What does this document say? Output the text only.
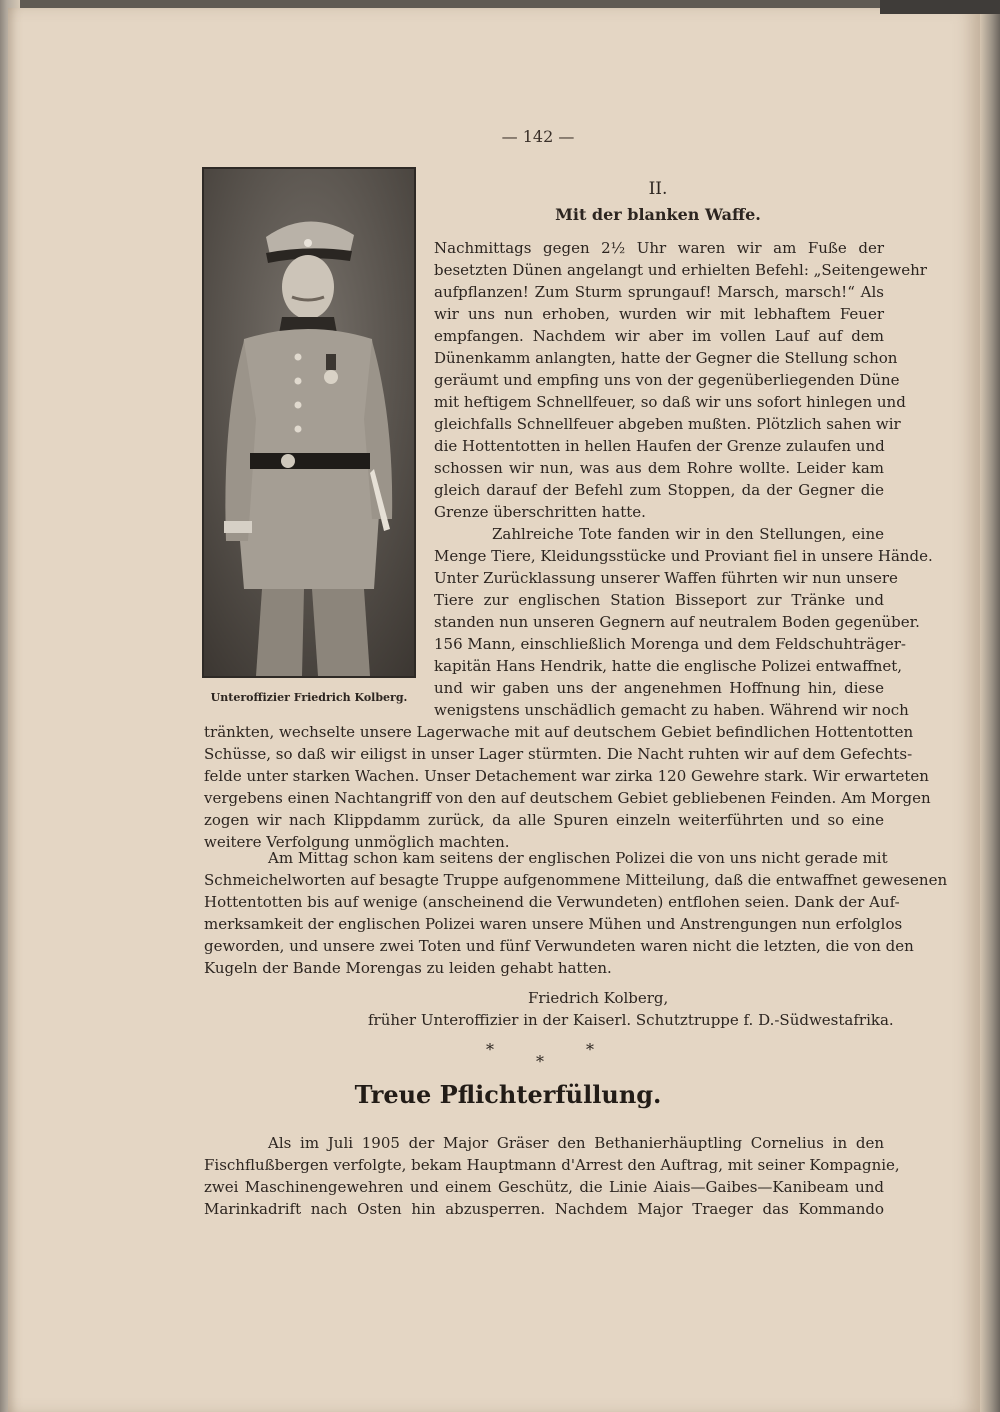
— 142 —
Unteroffizier Friedrich Kolberg.
II.
Mit der blanken Waffe.
Nachmittags gegen 2½ Uhr waren wir am Fuße der
besetzten Dünen angelangt und erhielten Befehl: „Seitengewehr
aufpflanzen! Zum Sturm sprungauf! Marsch, marsch!“ Als
wir uns nun erhoben, wurden wir mit lebhaftem Feuer
empfangen. Nachdem wir aber im vollen Lauf auf dem
Dünenkamm anlangten, hatte der Gegner die Stellung schon
geräumt und empfing uns von der gegenüberliegenden Düne
mit heftigem Schnellfeuer, so daß wir uns sofort hinlegen und
gleichfalls Schnellfeuer abgeben mußten. Plötzlich sahen wir
die Hottentotten in hellen Haufen der Grenze zulaufen und
schossen wir nun, was aus dem Rohre wollte. Leider kam
gleich darauf der Befehl zum Stoppen, da der Gegner die
Grenze überschritten hatte.
Zahlreiche Tote fanden wir in den Stellungen, eine
Menge Tiere, Kleidungsstücke und Proviant fiel in unsere Hände.
Unter Zurücklassung unserer Waffen führten wir nun unsere
Tiere zur englischen Station Bisseport zur Tränke und
standen nun unseren Gegnern auf neutralem Boden gegenüber.
156 Mann, einschließlich Morenga und dem Feldschuhträger-
kapitän Hans Hendrik, hatte die englische Polizei entwaffnet,
und wir gaben uns der angenehmen Hoffnung hin, diese
wenigstens unschädlich gemacht zu haben. Während wir noch
tränkten, wechselte unsere Lagerwache mit auf deutschem Gebiet befindlichen Hottentotten
Schüsse, so daß wir eiligst in unser Lager stürmten. Die Nacht ruhten wir auf dem Gefechts-
felde unter starken Wachen. Unser Detachement war zirka 120 Gewehre stark. Wir erwarteten
vergebens einen Nachtangriff von den auf deutschem Gebiet gebliebenen Feinden. Am Morgen
zogen wir nach Klippdamm zurück, da alle Spuren einzeln weiterführten und so eine
weitere Verfolgung unmöglich machten.
Am Mittag schon kam seitens der englischen Polizei die von uns nicht gerade mit
Schmeichelworten auf besagte Truppe aufgenommene Mitteilung, daß die entwaffnet gewesenen
Hottentotten bis auf wenige (anscheinend die Verwundeten) entflohen seien. Dank der Auf-
merksamkeit der englischen Polizei waren unsere Mühen und Anstrengungen nun erfolglos
geworden, und unsere zwei Toten und fünf Verwundeten waren nicht die letzten, die von den
Kugeln der Bande Morengas zu leiden gehabt hatten.
Friedrich Kolberg,
früher Unteroffizier in der Kaiserl. Schutztruppe f. D.-Südwestafrika.
*
*
*
Treue Pflichterfüllung.
Als im Juli 1905 der Major Gräser den Bethanierhäuptling Cornelius in den
Fischflußbergen verfolgte, bekam Hauptmann d'Arrest den Auftrag, mit seiner Kompagnie,
zwei Maschinengewehren und einem Geschütz, die Linie Aiais—Gaibes—Kanibeam und
Marinkadrift nach Osten hin abzusperren. Nachdem Major Traeger das Kommando
